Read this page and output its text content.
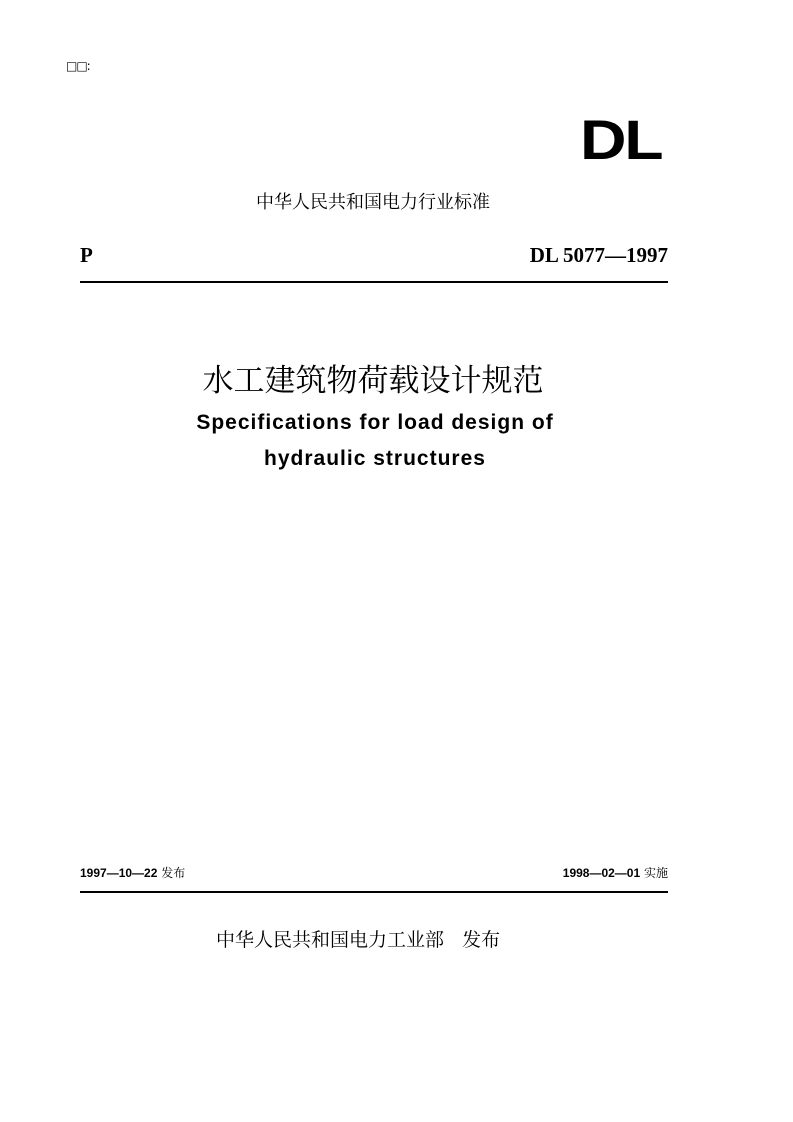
□□:
DL
中华人民共和国电力行业标准
P	DL 5077—1997
水工建筑物荷载设计规范
Specifications for load design of
hydraulic structures
1997—10—22 发布	1998—02—01 实施
中华人民共和国电力工业部 发布
